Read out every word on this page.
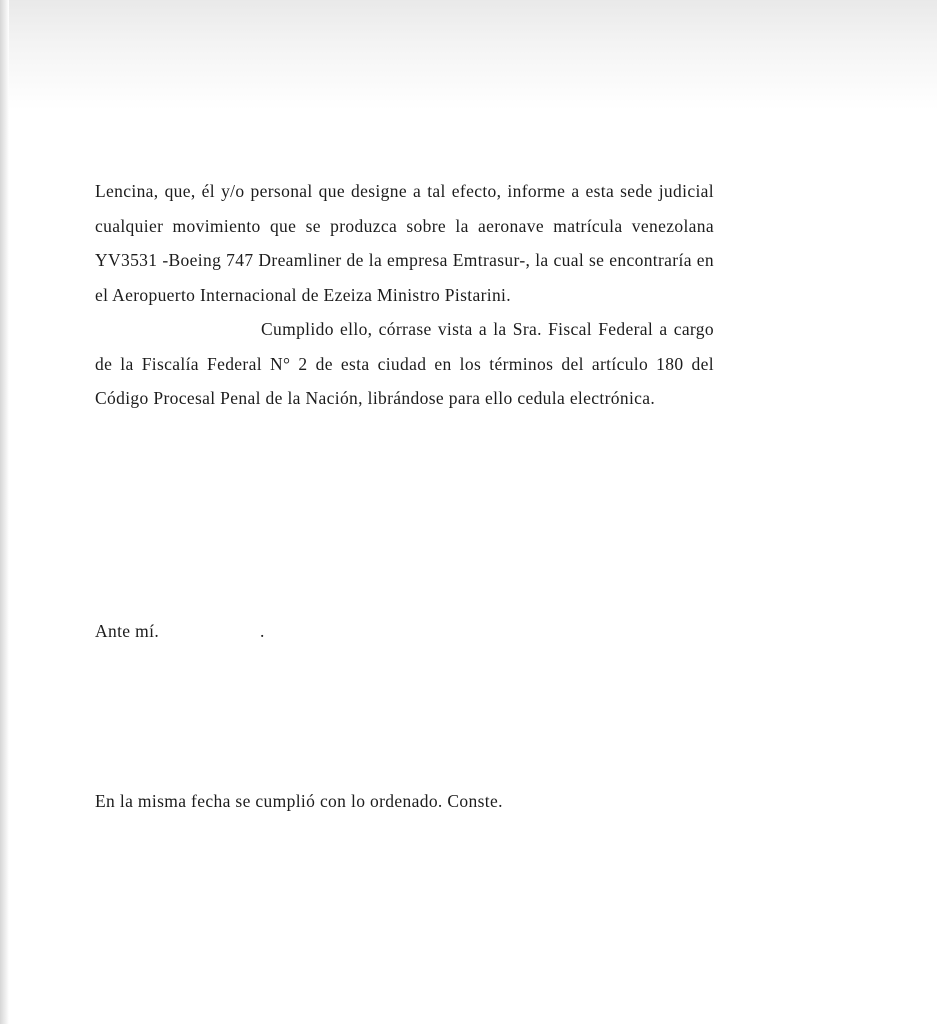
Lencina, que, él y/o personal que designe a tal efecto, informe a esta sede judicial cualquier movimiento que se produzca sobre la aeronave matrícula venezolana YV3531 -Boeing 747 Dreamliner de la empresa Emtrasur-, la cual se encontraría en el Aeropuerto Internacional de Ezeiza Ministro Pistarini.

Cumplido ello, córrase vista a la Sra. Fiscal Federal a cargo de la Fiscalía Federal N° 2 de esta ciudad en los términos del artículo 180 del Código Procesal Penal de la Nación, librándose para ello cedula electrónica.

Ante mí.	.
En la misma fecha se cumplió con lo ordenado. Conste.
